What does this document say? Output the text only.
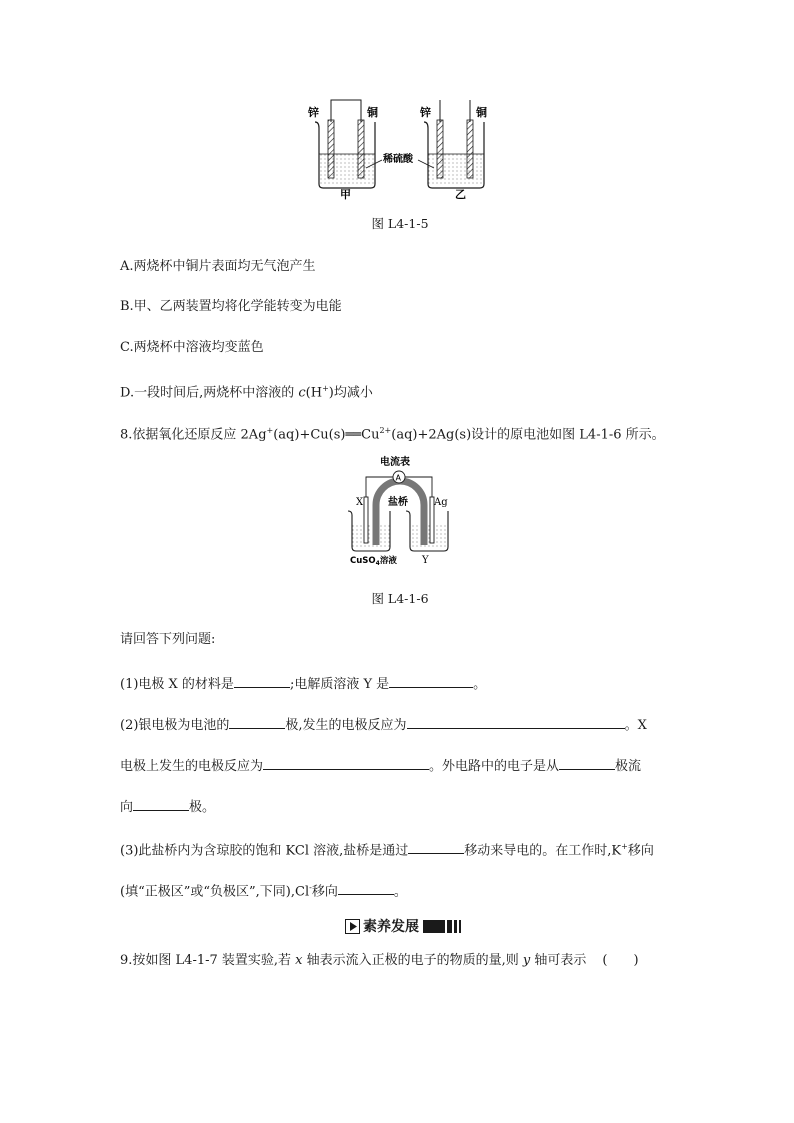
锌	铜	锌	铜
稀硫酸
甲	乙
图 L4-1-5
A.两烧杯中铜片表面均无气泡产生
B.甲、乙两装置均将化学能转变为电能
C.两烧杯中溶液均变蓝色
D.一段时间后,两烧杯中溶液的 c(H+)均减小
8.依据氧化还原反应 $2Ag^+(aq)+Cu(s)══Cu^{2+}(aq)+2Ag(s)$设计的原电池如图 L4-1-6 所示。
A
电流表
X 盐桥	Ag
CuSO$_4$溶液	Y
图 L4-1-6
请回答下列问题:
(1)电极 X 的材料是	;电解质溶液 Y 是	。
(2)银电极为电池的	极,发生的电极反应为	。X
电极上发生的电极反应为	。外电路中的电子是从	极流
向	极。
(3)此盐桥内为含琼胶的饱和 KCl 溶液,盐桥是通过	移动来导电的。在工作时,K+移向
(填“正极区”或“负极区”,下同),Cl-移向	。
素养发展
9.按如图 L4-1-7 装置实验,若 x 轴表示流入正极的电子的物质的量,则 y 轴可表示 (　　)
